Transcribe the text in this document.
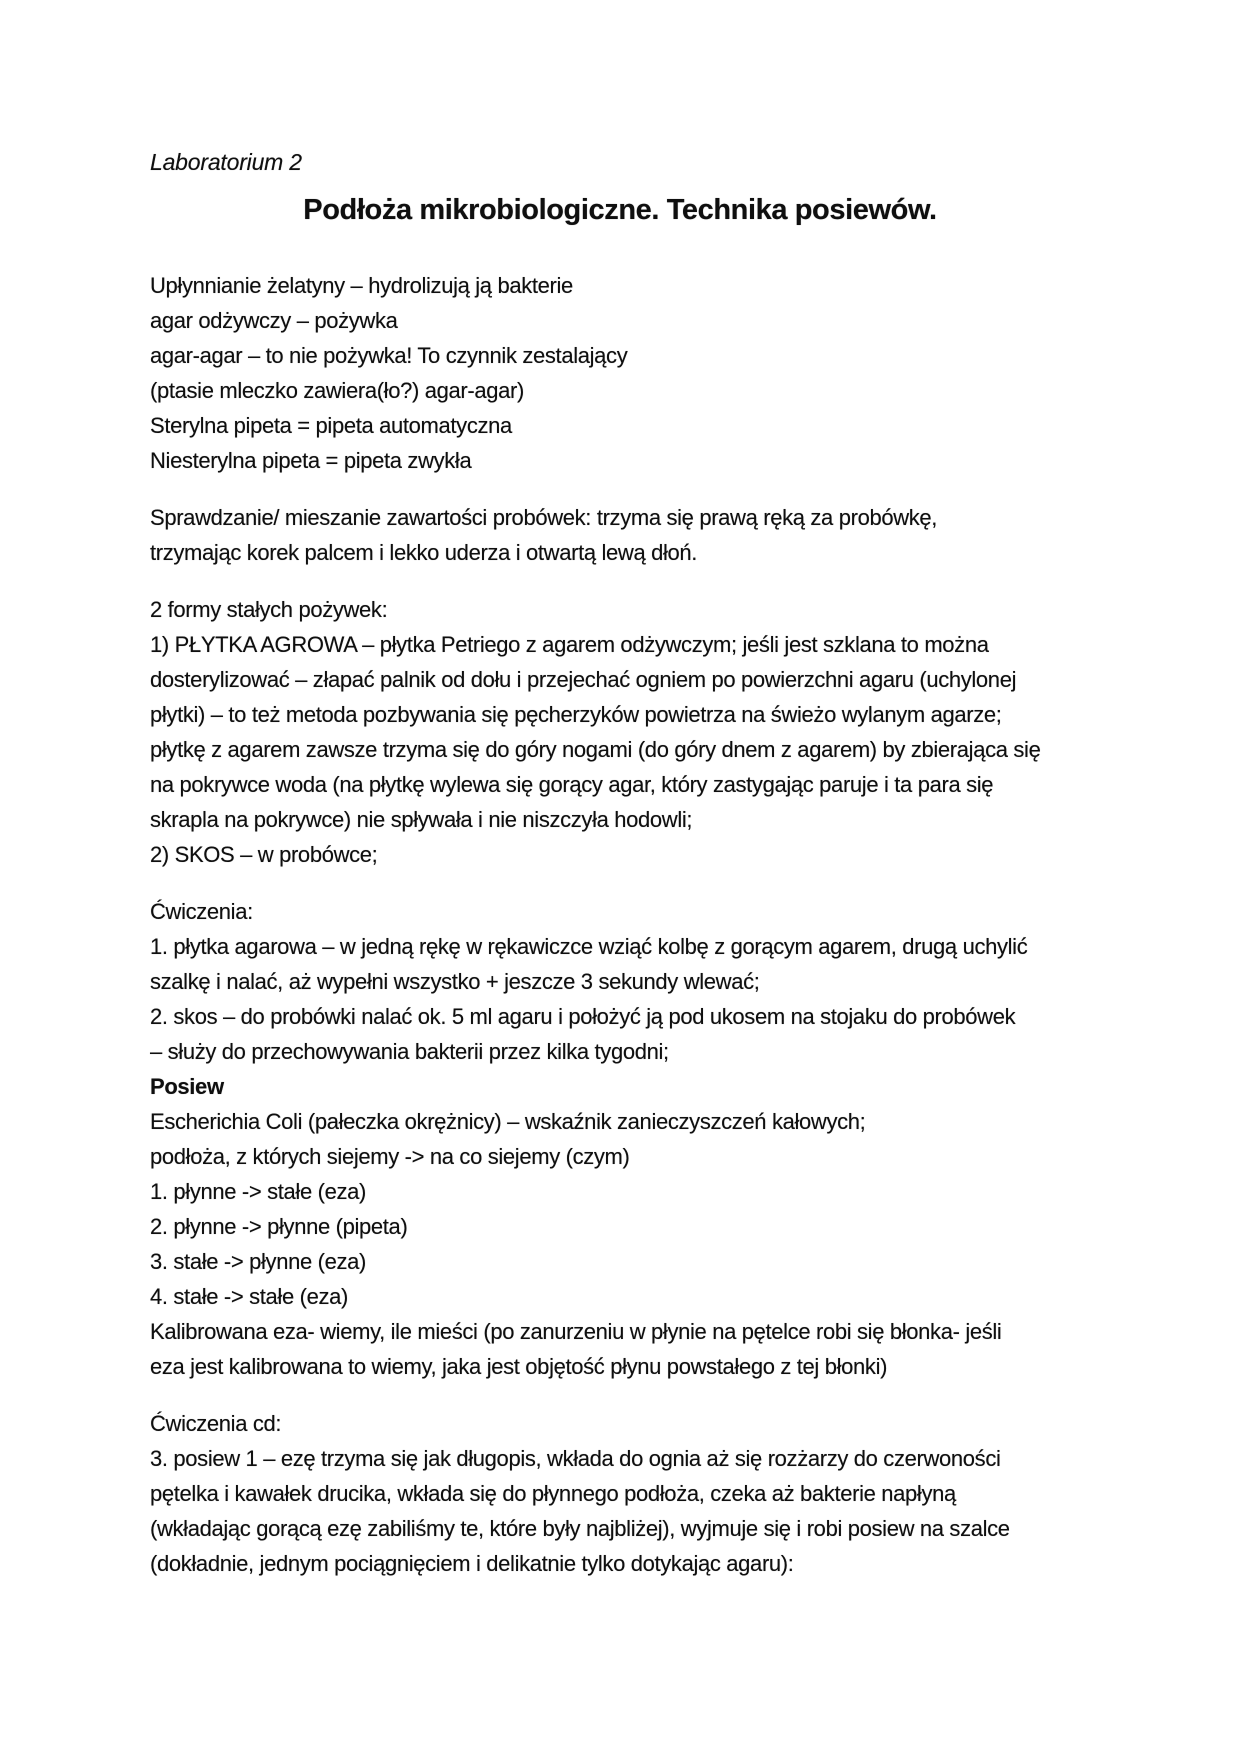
Laboratorium 2
Podłoża mikrobiologiczne. Technika posiewów.
Upłynnianie żelatyny – hydrolizują ją bakterie
agar odżywczy – pożywka
agar-agar – to nie pożywka! To czynnik zestalający
(ptasie mleczko zawiera(ło?) agar-agar)
Sterylna pipeta = pipeta automatyczna
Niesterylna pipeta = pipeta zwykła
Sprawdzanie/ mieszanie zawartości probówek: trzyma się prawą ręką za probówkę,
trzymając korek palcem i lekko uderza i otwartą lewą dłoń.
2 formy stałych pożywek:
1) PŁYTKA AGROWA – płytka Petriego z agarem odżywczym; jeśli jest szklana to można
dosterylizować – złapać palnik od dołu i przejechać ogniem po powierzchni agaru (uchylonej
płytki) – to też metoda pozbywania się pęcherzyków powietrza na świeżo wylanym agarze;
płytkę z agarem zawsze trzyma się do góry nogami (do góry dnem z agarem) by zbierająca się
na pokrywce woda (na płytkę wylewa się gorący agar, który zastygając paruje i ta para się
skrapla na pokrywce) nie spływała i nie niszczyła hodowli;
2) SKOS – w probówce;
Ćwiczenia:
1. płytka agarowa – w jedną rękę w rękawiczce wziąć kolbę z gorącym agarem, drugą uchylić
szalkę i nalać, aż wypełni wszystko + jeszcze 3 sekundy wlewać;
2. skos – do probówki nalać ok. 5 ml agaru i położyć ją pod ukosem na stojaku do probówek
– służy do przechowywania bakterii przez kilka tygodni;
Posiew
Escherichia Coli (pałeczka okrężnicy) – wskaźnik zanieczyszczeń kałowych;
podłoża, z których siejemy -> na co siejemy (czym)
1. płynne -> stałe (eza)
2. płynne -> płynne (pipeta)
3. stałe -> płynne (eza)
4. stałe -> stałe (eza)
Kalibrowana eza- wiemy, ile mieści (po zanurzeniu w płynie na pętelce robi się błonka- jeśli
eza jest kalibrowana to wiemy, jaka jest objętość płynu powstałego z tej błonki)
Ćwiczenia cd:
3. posiew 1 – ezę trzyma się jak długopis, wkłada do ognia aż się rozżarzy do czerwoności
pętelka i kawałek drucika, wkłada się do płynnego podłoża, czeka aż bakterie napłyną
(wkładając gorącą ezę zabiliśmy te, które były najbliżej), wyjmuje się i robi posiew na szalce
(dokładnie, jednym pociągnięciem i delikatnie tylko dotykając agaru):
